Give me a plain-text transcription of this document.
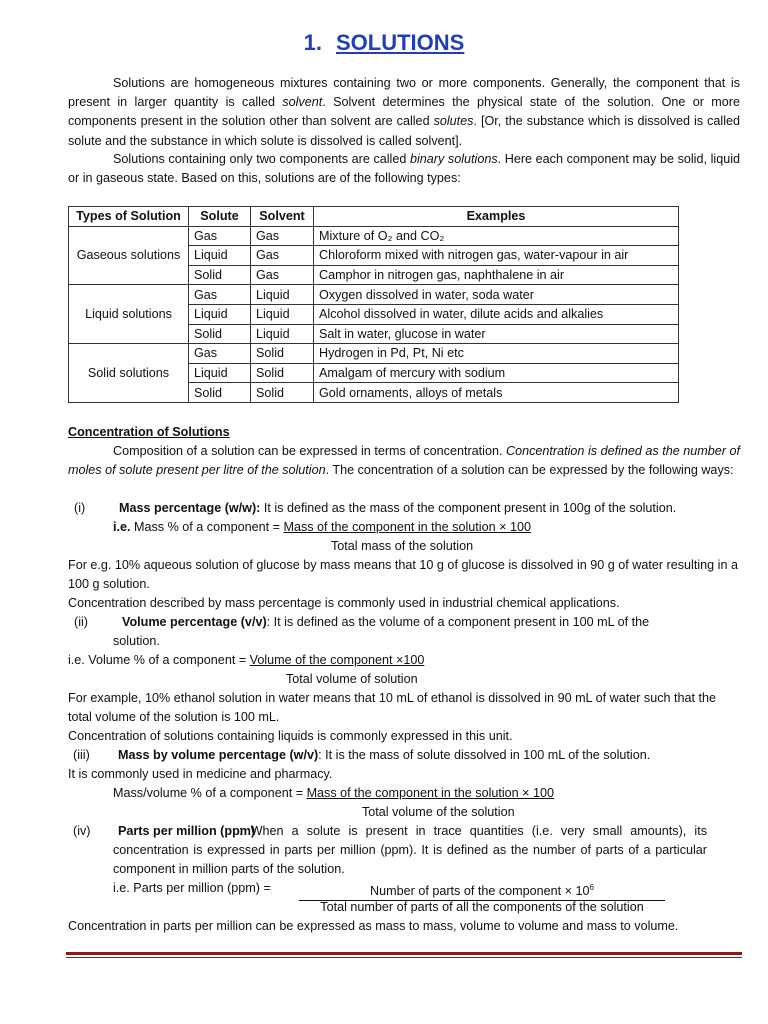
1. SOLUTIONS
Solutions are homogeneous mixtures containing two or more components. Generally, the component that is present in larger quantity is called solvent. Solvent determines the physical state of the solution. One or more components present in the solution other than solvent are called solutes. [Or, the substance which is dissolved is called solute and the substance in which solute is dissolved is called solvent].
Solutions containing only two components are called binary solutions. Here each component may be solid, liquid or in gaseous state. Based on this, solutions are of the following types:
Types of Solution	Solute	Solvent	Examples
Gaseous solutions	Gas	Gas	Mixture of O₂ and CO₂
	Liquid	Gas	Chloroform mixed with nitrogen gas, water-vapour in air
	Solid	Gas	Camphor in nitrogen gas, naphthalene in air
Liquid solutions	Gas	Liquid	Oxygen dissolved in water, soda water
	Liquid	Liquid	Alcohol dissolved in water, dilute acids and alkalies
	Solid	Liquid	Salt in water, glucose in water
Solid solutions	Gas	Solid	Hydrogen in Pd, Pt, Ni etc
	Liquid	Solid	Amalgam of mercury with sodium
	Solid	Solid	Gold ornaments, alloys of metals
Concentration of Solutions
Composition of a solution can be expressed in terms of concentration. Concentration is defined as the number of moles of solute present per litre of the solution. The concentration of a solution can be expressed by the following ways:
(i)	Mass percentage (w/w): It is defined as the mass of the component present in 100g of the solution.
i.e. Mass % of a component = Mass of the component in the solution × 100
Total mass of the solution
For e.g. 10% aqueous solution of glucose by mass means that 10 g of glucose is dissolved in 90 g of water resulting in a 100 g solution.
Concentration described by mass percentage is commonly used in industrial chemical applications.
(ii)	Volume percentage (v/v): It is defined as the volume of a component present in 100 mL of the
solution.
i.e. Volume % of a component = Volume of the component ×100
Total volume of solution
For example, 10% ethanol solution in water means that 10 mL of ethanol is dissolved in 90 mL of water such that the total volume of the solution is 100 mL.
Concentration of solutions containing liquids is commonly expressed in this unit.
(iii) Mass by volume percentage (w/v): It is the mass of solute dissolved in 100 mL of the solution.
It is commonly used in medicine and pharmacy.
Mass/volume % of a component = Mass of the component in the solution × 100
Total volume of the solution
(iv) Parts per million (ppm)
: When a solute is present in trace quantities (i.e. very small amounts), its concentration is expressed in parts per million (ppm). It is defined as the number of parts of a particular component in million parts of the solution.
i.e. Parts per million (ppm) =	Number of parts of the component × $10^6$
Total number of parts of all the components of the solution
Concentration in parts per million can be expressed as mass to mass, volume to volume and mass to volume.
